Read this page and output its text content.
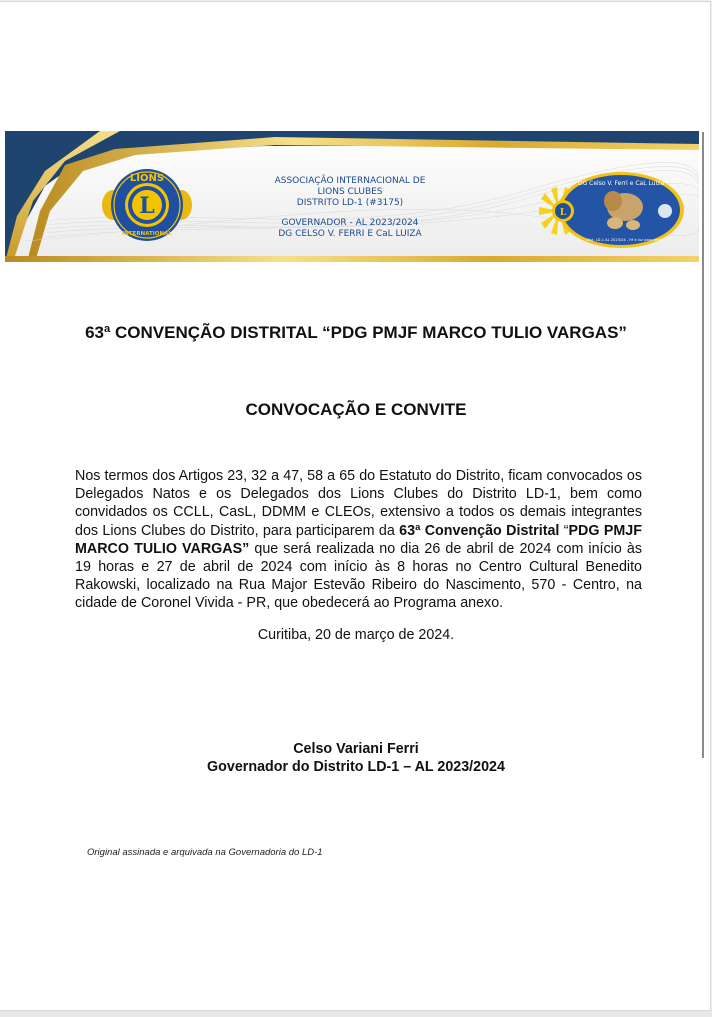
L
LIONS
INTERNATIONAL
ASSOCIAÇÃO INTERNACIONAL DE
LIONS CLUBES
DISTRITO LD-1 (#3175)
GOVERNADOR - AL 2023/2024
DG CELSO V. FERRI E CaL LUIZA
L
DG Celso V. Ferri e CaL Luiza
Dist. LD-1 AL 2023/24 - Fé e luz para servir
63ª CONVENÇÃO DISTRITAL “PDG PMJF MARCO TULIO VARGAS”
CONVOCAÇÃO E CONVITE
Nos termos dos Artigos 23, 32 a 47, 58 a 65 do Estatuto do Distrito, ficam convocados os Delegados Natos e os Delegados dos Lions Clubes do Distrito LD-1, bem como convidados os CCLL, CasL, DDMM e CLEOs, extensivo a todos os demais integrantes dos Lions Clubes do Distrito, para participarem da 63ª Convenção Distrital “PDG PMJF MARCO TULIO VARGAS” que será realizada no dia 26 de abril de 2024 com início às 19 horas e 27 de abril de 2024 com início às 8 horas no Centro Cultural Benedito Rakowski, localizado na Rua Major Estevão Ribeiro do Nascimento, 570 - Centro, na cidade de Coronel Vivida - PR, que obedecerá ao Programa anexo.
Curitiba, 20 de março de 2024.
Celso Variani Ferri
Governador do Distrito LD-1 – AL 2023/2024
Original assinada e arquivada na Governadoria do LD-1
